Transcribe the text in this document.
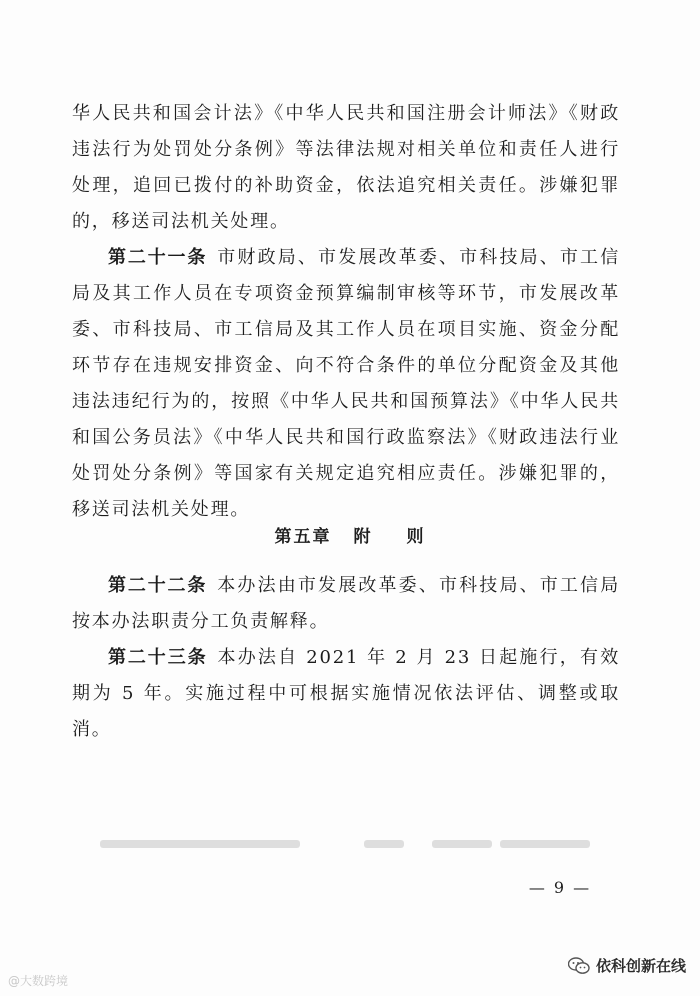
华人民共和国会计法》《中华人民共和国注册会计师法》《财政违法行为处罚处分条例》等法律法规对相关单位和责任人进行处理，追回已拨付的补助资金，依法追究相关责任。涉嫌犯罪的，移送司法机关处理。

第二十一条 市财政局、市发展改革委、市科技局、市工信局及其工作人员在专项资金预算编制审核等环节，市发展改革委、市科技局、市工信局及其工作人员在项目实施、资金分配环节存在违规安排资金、向不符合条件的单位分配资金及其他违法违纪行为的，按照《中华人民共和国预算法》《中华人民共和国公务员法》《中华人民共和国行政监察法》《财政违法行业处罚处分条例》等国家有关规定追究相应责任。涉嫌犯罪的，移送司法机关处理。

第五章 附 则

第二十二条 本办法由市发展改革委、市科技局、市工信局按本办法职责分工负责解释。

第二十三条 本办法自 2021 年 2 月 23 日起施行，有效期为 5 年。实施过程中可根据实施情况依法评估、调整或取消。

— 9 —
@大数跨境
依科创新在线
